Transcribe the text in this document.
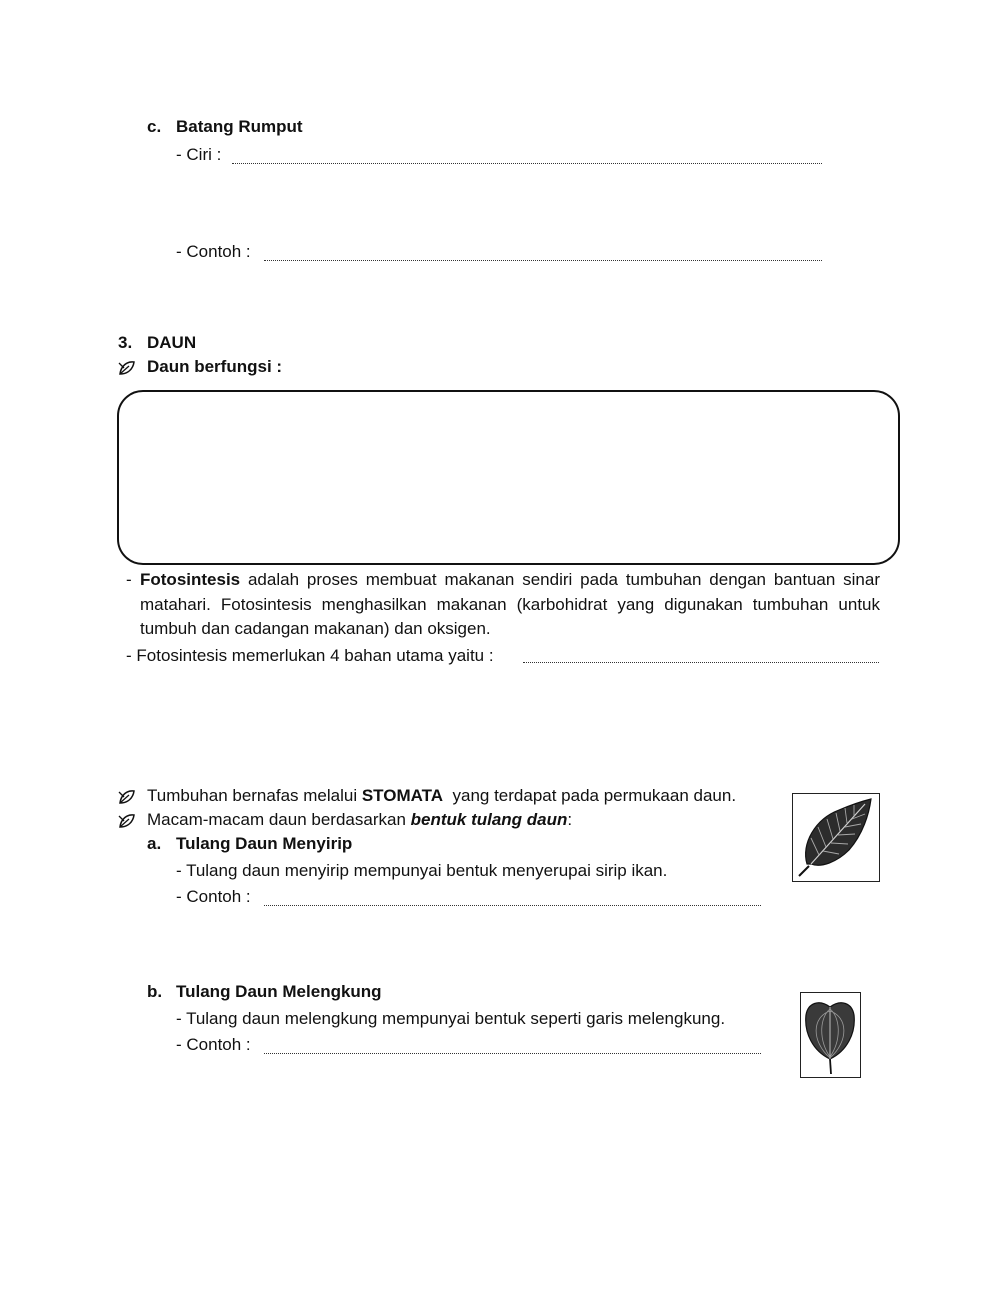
c. Batang Rumput
- Ciri :
- Contoh :
3. DAUN
Daun berfungsi :
- Fotosintesis adalah proses membuat makanan sendiri pada tumbuhan dengan bantuan sinar matahari. Fotosintesis menghasilkan makanan (karbohidrat yang digunakan tumbuhan untuk tumbuh dan cadangan makanan) dan oksigen.
- Fotosintesis memerlukan 4 bahan utama yaitu :
Tumbuhan bernafas melalui STOMATA  yang terdapat pada permukaan daun.
Macam-macam daun berdasarkan bentuk tulang daun:
a. Tulang Daun Menyirip
- Tulang daun menyirip mempunyai bentuk menyerupai sirip ikan.
- Contoh :
b. Tulang Daun Melengkung
- Tulang daun melengkung mempunyai bentuk seperti garis melengkung.
- Contoh :
